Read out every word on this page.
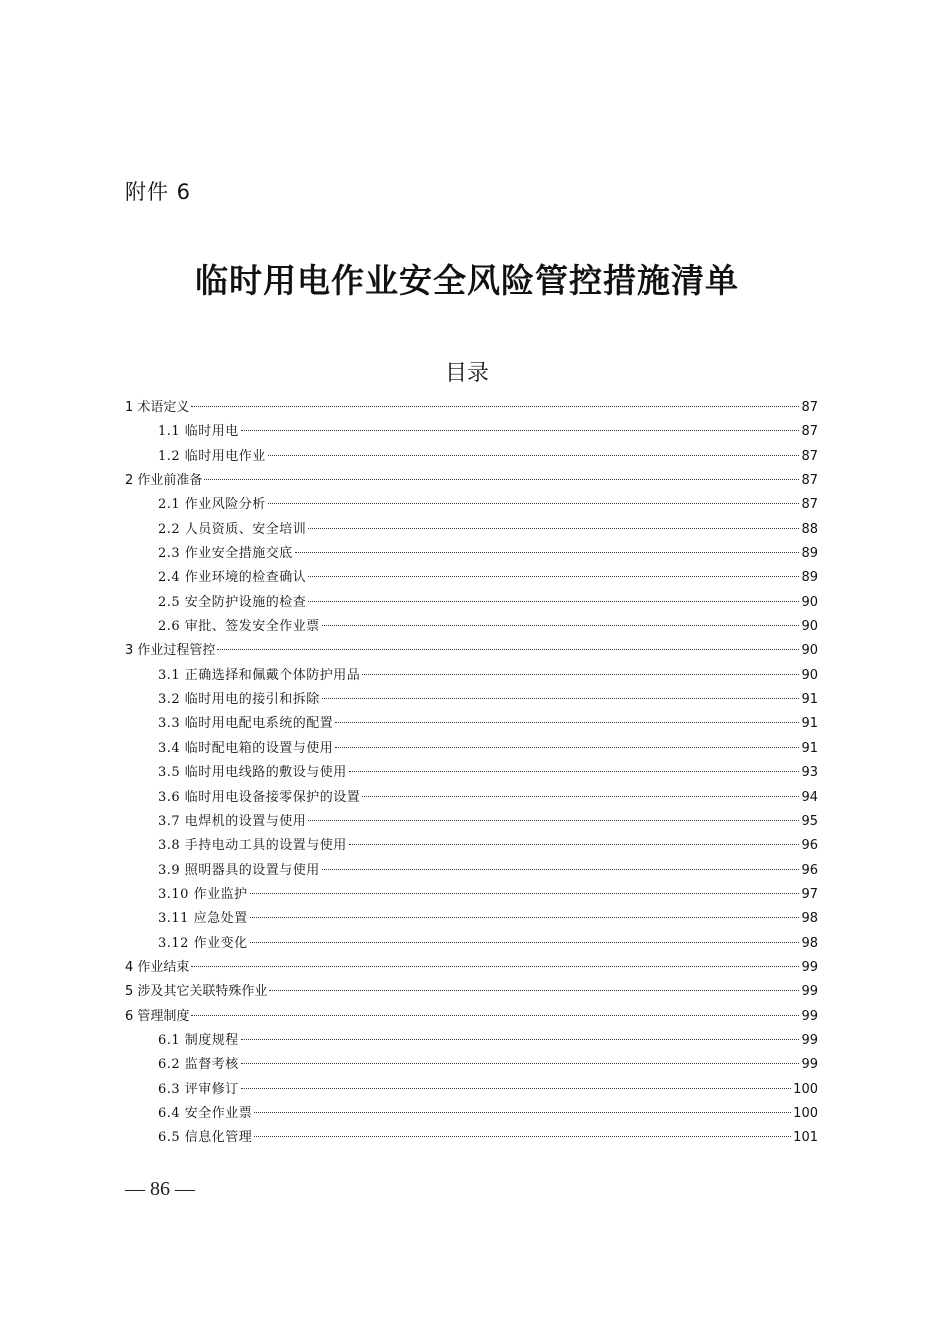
附件 6
临时用电作业安全风险管控措施清单
目录
1 术语定义	87
1.1 临时用电	87
1.2 临时用电作业	87
2 作业前准备	87
2.1 作业风险分析	87
2.2 人员资质、安全培训	88
2.3 作业安全措施交底	89
2.4 作业环境的检查确认	89
2.5 安全防护设施的检查	90
2.6 审批、签发安全作业票	90
3 作业过程管控	90
3.1 正确选择和佩戴个体防护用品	90
3.2 临时用电的接引和拆除	91
3.3 临时用电配电系统的配置	91
3.4 临时配电箱的设置与使用	91
3.5 临时用电线路的敷设与使用	93
3.6 临时用电设备接零保护的设置	94
3.7 电焊机的设置与使用	95
3.8 手持电动工具的设置与使用	96
3.9 照明器具的设置与使用	96
3.10 作业监护	97
3.11 应急处置	98
3.12 作业变化	98
4 作业结束	99
5 涉及其它关联特殊作业	99
6 管理制度	99
6.1 制度规程	99
6.2 监督考核	99
6.3 评审修订	100
6.4 安全作业票	100
6.5 信息化管理	101
— 86 —
